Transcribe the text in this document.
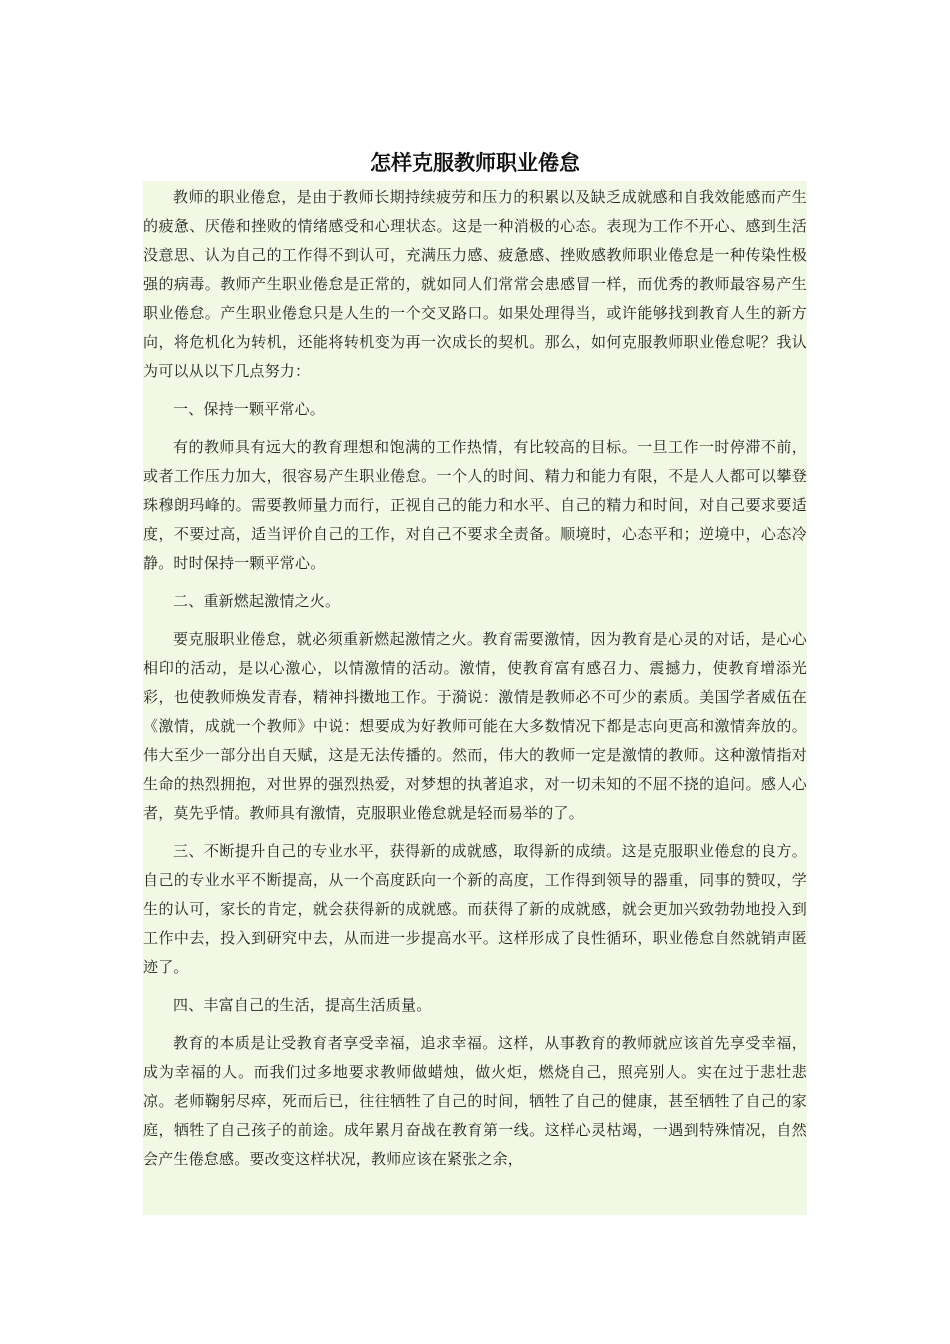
怎样克服教师职业倦怠

教师的职业倦怠，是由于教师长期持续疲劳和压力的积累以及缺乏成就感和自我效能感而产生的疲惫、厌倦和挫败的情绪感受和心理状态。这是一种消极的心态。表现为工作不开心、感到生活没意思、认为自己的工作得不到认可，充满压力感、疲惫感、挫败感教师职业倦怠是一种传染性极强的病毒。教师产生职业倦怠是正常的，就如同人们常常会患感冒一样，而优秀的教师最容易产生职业倦怠。产生职业倦怠只是人生的一个交叉路口。如果处理得当，或许能够找到教育人生的新方向，将危机化为转机，还能将转机变为再一次成长的契机。那么，如何克服教师职业倦怠呢？我认为可以从以下几点努力：

一、保持一颗平常心。

有的教师具有远大的教育理想和饱满的工作热情，有比较高的目标。一旦工作一时停滞不前，或者工作压力加大，很容易产生职业倦怠。一个人的时间、精力和能力有限，不是人人都可以攀登珠穆朗玛峰的。需要教师量力而行，正视自己的能力和水平、自己的精力和时间，对自己要求要适度，不要过高，适当评价自己的工作，对自己不要求全责备。顺境时，心态平和；逆境中，心态冷静。时时保持一颗平常心。

二、重新燃起激情之火。

要克服职业倦怠，就必须重新燃起激情之火。教育需要激情，因为教育是心灵的对话，是心心相印的活动，是以心激心，以情激情的活动。激情，使教育富有感召力、震撼力，使教育增添光彩，也使教师焕发青春，精神抖擞地工作。于漪说：激情是教师必不可少的素质。美国学者威伍在《激情，成就一个教师》中说：想要成为好教师可能在大多数情况下都是志向更高和激情奔放的。伟大至少一部分出自天赋，这是无法传播的。然而，伟大的教师一定是激情的教师。这种激情指对生命的热烈拥抱，对世界的强烈热爱，对梦想的执著追求，对一切未知的不屈不挠的追问。感人心者，莫先乎情。教师具有激情，克服职业倦怠就是轻而易举的了。

三、不断提升自己的专业水平，获得新的成就感，取得新的成绩。这是克服职业倦怠的良方。自己的专业水平不断提高，从一个高度跃向一个新的高度，工作得到领导的器重，同事的赞叹，学生的认可，家长的肯定，就会获得新的成就感。而获得了新的成就感，就会更加兴致勃勃地投入到工作中去，投入到研究中去，从而进一步提高水平。这样形成了良性循环，职业倦怠自然就销声匿迹了。

四、丰富自己的生活，提高生活质量。

教育的本质是让受教育者享受幸福，追求幸福。这样，从事教育的教师就应该首先享受幸福，成为幸福的人。而我们过多地要求教师做蜡烛，做火炬，燃烧自己，照亮别人。实在过于悲壮悲凉。老师鞠躬尽瘁，死而后已，往往牺牲了自己的时间，牺牲了自己的健康，甚至牺牲了自己的家庭，牺牲了自己孩子的前途。成年累月奋战在教育第一线。这样心灵枯竭，一遇到特殊情况，自然会产生倦怠感。要改变这样状况，教师应该在紧张之余，
